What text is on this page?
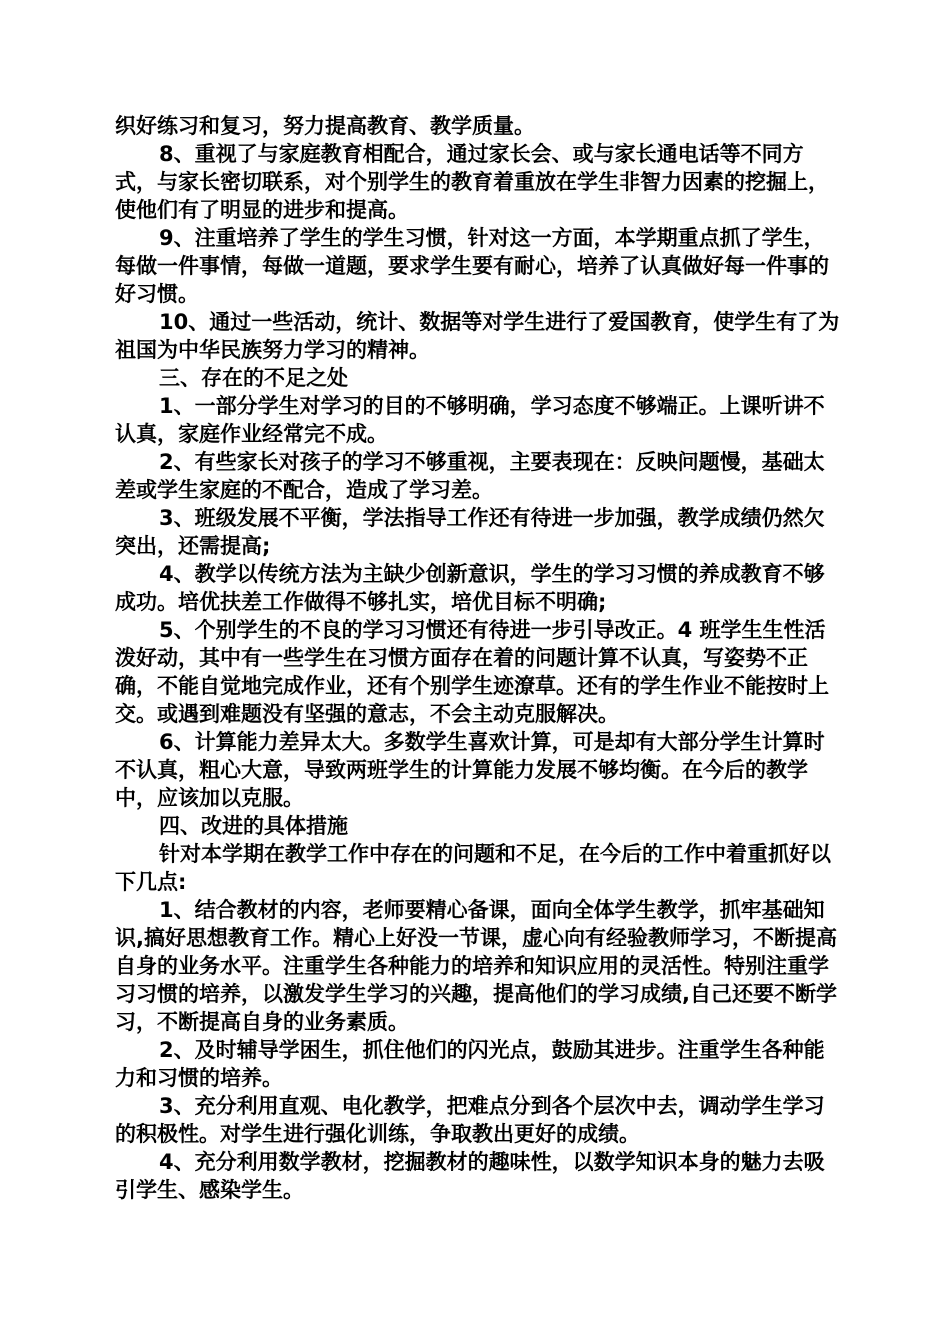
织好练习和复习，努力提高教育、教学质量。

8、重视了与家庭教育相配合，通过家长会、或与家长通电话等不同方式，与家长密切联系，对个别学生的教育着重放在学生非智力因素的挖掘上，使他们有了明显的进步和提高。

9、注重培养了学生的学生习惯，针对这一方面，本学期重点抓了学生，每做一件事情，每做一道题，要求学生要有耐心，培养了认真做好每一件事的好习惯。

10、通过一些活动，统计、数据等对学生进行了爱国教育，使学生有了为祖国为中华民族努力学习的精神。

三、存在的不足之处

1、一部分学生对学习的目的不够明确，学习态度不够端正。上课听讲不认真，家庭作业经常完不成。

2、有些家长对孩子的学习不够重视，主要表现在：反映问题慢，基础太差或学生家庭的不配合，造成了学习差。

3、班级发展不平衡，学法指导工作还有待进一步加强，教学成绩仍然欠突出，还需提高;

4、教学以传统方法为主缺少创新意识，学生的学习习惯的养成教育不够成功。培优扶差工作做得不够扎实，培优目标不明确;

5、个别学生的不良的学习习惯还有待进一步引导改正。4 班学生生性活泼好动，其中有一些学生在习惯方面存在着的问题计算不认真，写姿势不正确，不能自觉地完成作业，还有个别学生迹潦草。还有的学生作业不能按时上交。或遇到难题没有坚强的意志，不会主动克服解决。

6、计算能力差异太大。多数学生喜欢计算，可是却有大部分学生计算时不认真，粗心大意，导致两班学生的计算能力发展不够均衡。在今后的教学中，应该加以克服。

四、改进的具体措施

针对本学期在教学工作中存在的问题和不足，在今后的工作中着重抓好以下几点:

1、结合教材的内容，老师要精心备课，面向全体学生教学，抓牢基础知识,搞好思想教育工作。精心上好没一节课，虚心向有经验教师学习，不断提高自身的业务水平。注重学生各种能力的培养和知识应用的灵活性。特别注重学习习惯的培养，以激发学生学习的兴趣，提高他们的学习成绩,自己还要不断学习，不断提高自身的业务素质。

2、及时辅导学困生，抓住他们的闪光点，鼓励其进步。注重学生各种能力和习惯的培养。

3、充分利用直观、电化教学，把难点分到各个层次中去，调动学生学习的积极性。对学生进行强化训练，争取教出更好的成绩。

4、充分利用数学教材，挖掘教材的趣味性，以数学知识本身的魅力去吸引学生、感染学生。
